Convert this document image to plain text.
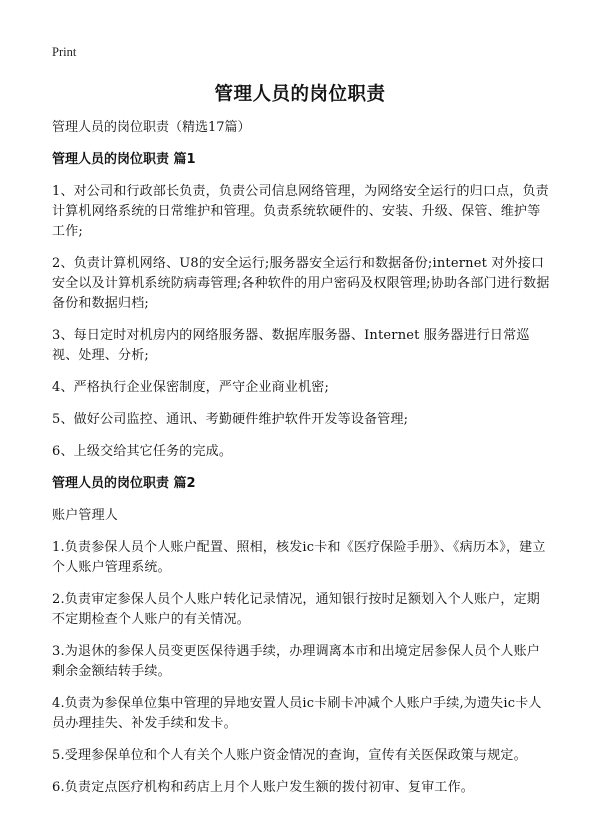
Print
管理人员的岗位职责
管理人员的岗位职责（精选17篇）
管理人员的岗位职责 篇1
1、对公司和行政部长负责，负责公司信息网络管理，为网络安全运行的归口点，负责计算机网络系统的日常维护和管理。负责系统软硬件的、安装、升级、保管、维护等工作;
2、负责计算机网络、U8的安全运行;服务器安全运行和数据备份;internet 对外接口安全以及计算机系统防病毒管理;各种软件的用户密码及权限管理;协助各部门进行数据备份和数据归档;
3、每日定时对机房内的网络服务器、数据库服务器、Internet 服务器进行日常巡视、处理、分析;
4、严格执行企业保密制度，严守企业商业机密;
5、做好公司监控、通讯、考勤硬件维护软件开发等设备管理;
6、上级交给其它任务的完成。
管理人员的岗位职责 篇2
账户管理人
1.负责参保人员个人账户配置、照相，核发ic卡和《医疗保险手册》、《病历本》，建立个人账户管理系统。
2.负责审定参保人员个人账户转化记录情况，通知银行按时足额划入个人账户，定期不定期检查个人账户的有关情况。
3.为退休的参保人员变更医保待遇手续，办理调离本市和出境定居参保人员个人账户剩余金额结转手续。
4.负责为参保单位集中管理的异地安置人员ic卡刷卡冲减个人账户手续,为遗失ic卡人员办理挂失、补发手续和发卡。
5.受理参保单位和个人有关个人账户资金情况的查询，宣传有关医保政策与规定。
6.负责定点医疗机构和药店上月个人账户发生额的拨付初审、复审工作。
